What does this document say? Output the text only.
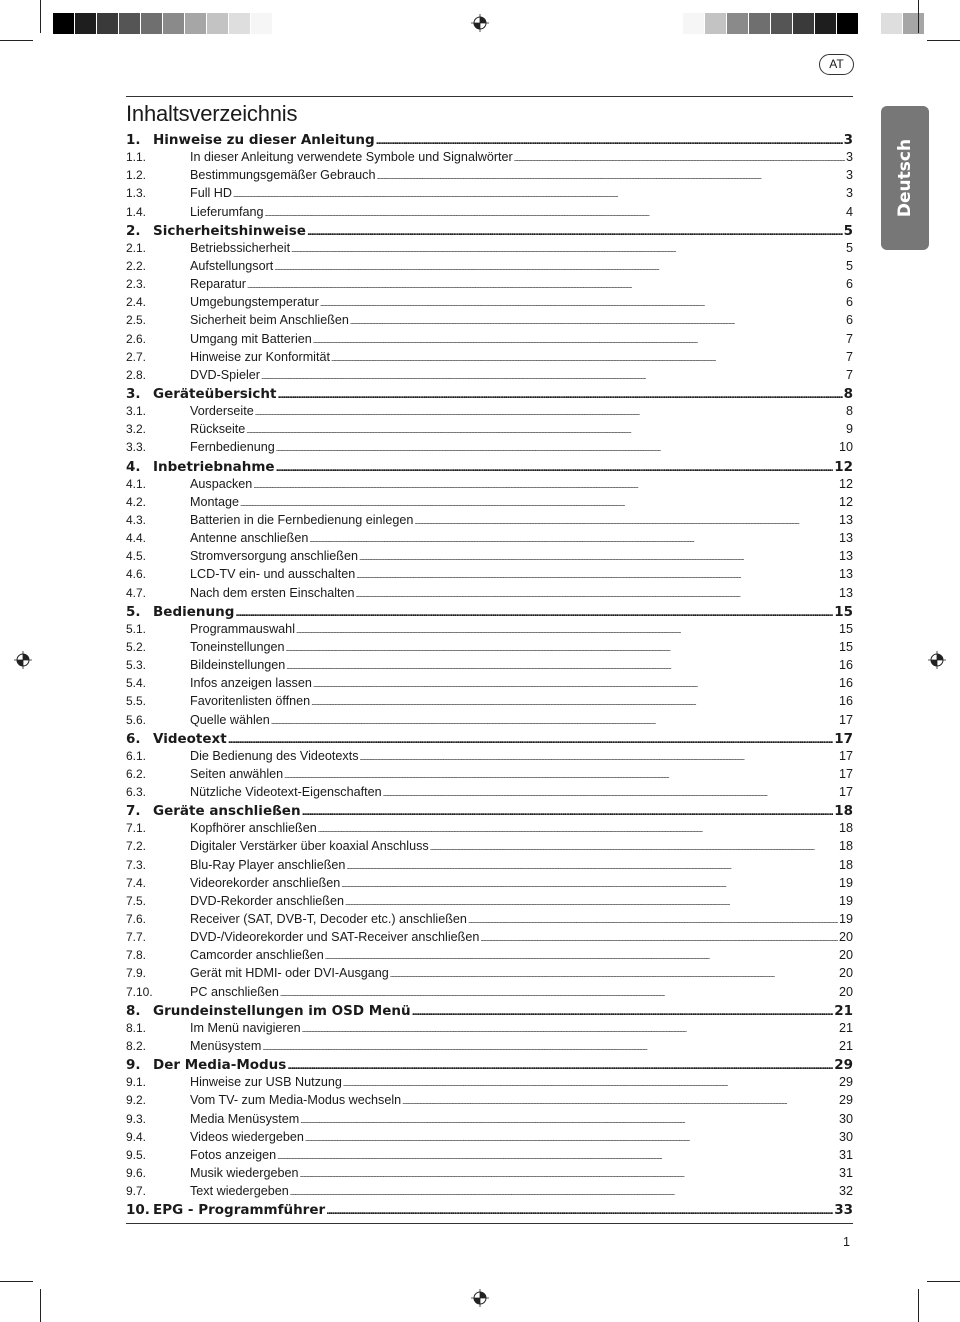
AT
Inhaltsverzeichnis
1. Hinweise zu dieser Anleitung .....	3
1.1.	In dieser Anleitung verwendete Symbole und Signalwörter .....	3
1.2.	Bestimmungsgemäßer Gebrauch .....	3
1.3.	Full HD .....	3
1.4.	Lieferumfang .....	4
2. Sicherheitshinweise .....	5
2.1.	Betriebssicherheit .....	5
2.2.	Aufstellungsort .....	5
2.3.	Reparatur .....	6
2.4.	Umgebungstemperatur .....	6
2.5.	Sicherheit beim Anschließen .....	6
2.6.	Umgang mit Batterien .....	7
2.7.	Hinweise zur Konformität .....	7
2.8.	DVD-Spieler .....	7
3. Geräteübersicht .....	8
3.1.	Vorderseite .....	8
3.2.	Rückseite .....	9
3.3.	Fernbedienung .....	10
4. Inbetriebnahme .....	12
4.1.	Auspacken .....	12
4.2.	Montage .....	12
4.3.	Batterien in die Fernbedienung einlegen .....	13
4.4.	Antenne anschließen .....	13
4.5.	Stromversorgung anschließen .....	13
4.6.	LCD-TV ein- und ausschalten .....	13
4.7.	Nach dem ersten Einschalten .....	13
5. Bedienung .....	15
5.1.	Programmauswahl .....	15
5.2.	Toneinstellungen .....	15
5.3.	Bildeinstellungen .....	16
5.4.	Infos anzeigen lassen .....	16
5.5.	Favoritenlisten öffnen .....	16
5.6.	Quelle wählen .....	17
6. Videotext .....	17
6.1.	Die Bedienung des Videotexts .....	17
6.2.	Seiten anwählen .....	17
6.3.	Nützliche Videotext-Eigenschaften .....	17
7. Geräte anschließen .....	18
7.1.	Kopfhörer anschließen .....	18
7.2.	Digitaler Verstärker über koaxial Anschluss .....	18
7.3.	Blu-Ray Player anschließen .....	18
7.4.	Videorekorder anschließen .....	19
7.5.	DVD-Rekorder anschließen .....	19
7.6.	Receiver (SAT, DVB-T, Decoder etc.) anschließen .....	19
7.7.	DVD-/Videorekorder und SAT-Receiver anschließen .....	20
7.8.	Camcorder anschließen .....	20
7.9.	Gerät mit HDMI- oder DVI-Ausgang .....	20
7.10.	PC anschließen .....	20
8. Grundeinstellungen im OSD Menü .....	21
8.1.	Im Menü navigieren .....	21
8.2.	Menüsystem .....	21
9. Der Media-Modus .....	29
9.1.	Hinweise zur USB Nutzung .....	29
9.2.	Vom TV- zum Media-Modus wechseln .....	29
9.3.	Media Menüsystem .....	30
9.4.	Videos wiedergeben .....	30
9.5.	Fotos anzeigen .....	31
9.6.	Musik wiedergeben .....	31
9.7.	Text wiedergeben .....	32
10. EPG - Programmführer .....	33
Deutsch
1
